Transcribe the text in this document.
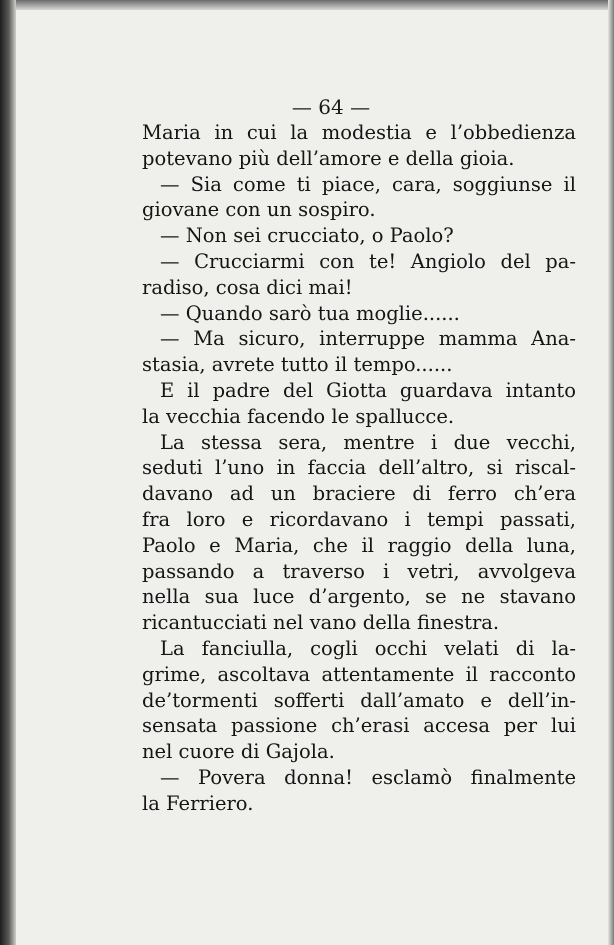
— 64 —
Maria in cui la modestia e l’obbedienza
potevano più dell’amore e della gioia.
— Sia come ti piace, cara, soggiunse il
giovane con un sospiro.
— Non sei crucciato, o Paolo?
— Crucciarmi con te! Angiolo del pa-
radiso, cosa dici mai!
— Quando sarò tua moglie......
— Ma sicuro, interruppe mamma Ana-
stasia, avrete tutto il tempo......
E il padre del Giotta guardava intanto
la vecchia facendo le spallucce.
La stessa sera, mentre i due vecchi,
seduti l’uno in faccia dell’altro, si riscal-
davano ad un braciere di ferro ch’era
fra loro e ricordavano i tempi passati,
Paolo e Maria, che il raggio della luna,
passando a traverso i vetri, avvolgeva
nella sua luce d’argento, se ne stavano
ricantucciati nel vano della finestra.
La fanciulla, cogli occhi velati di la-
grime, ascoltava attentamente il racconto
de’tormenti sofferti dall’amato e dell’in-
sensata passione ch’erasi accesa per lui
nel cuore di Gajola.
— Povera donna! esclamò finalmente
la Ferriero.
